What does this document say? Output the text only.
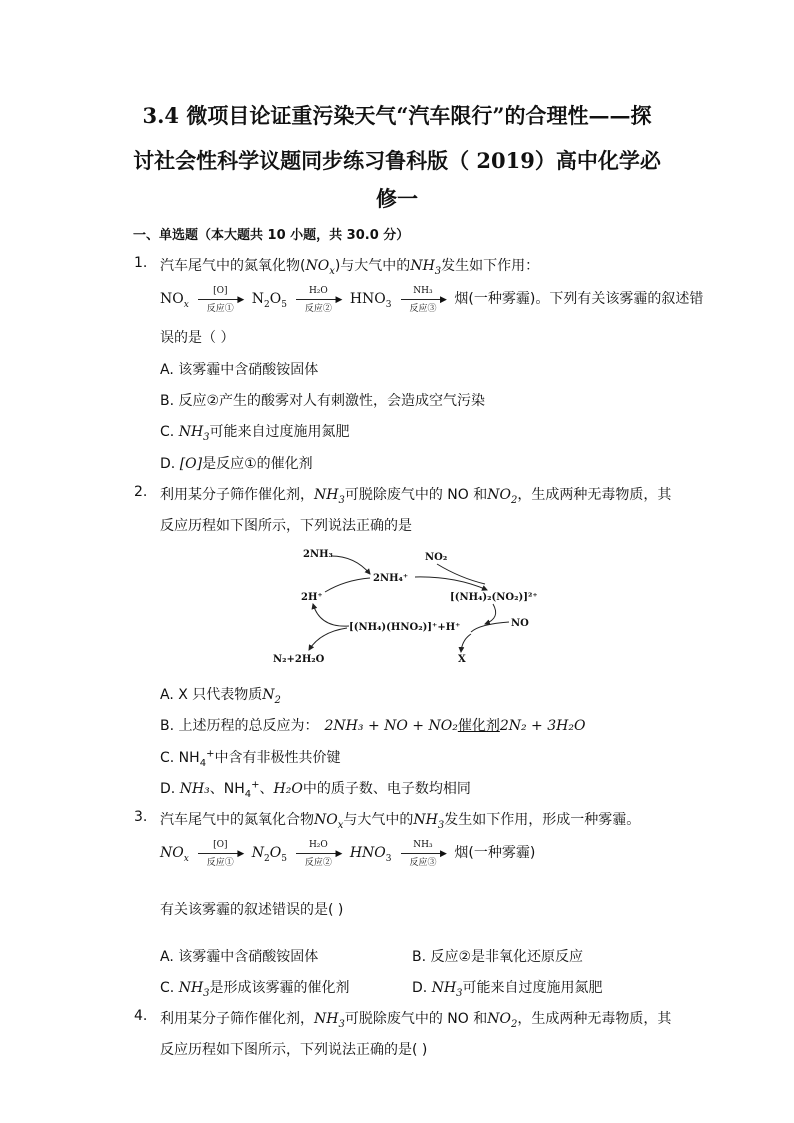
3.4 微项目论证重污染天气“汽车限行”的合理性——探
讨社会性科学议题同步练习鲁科版（ 2019）高中化学必
修一
一、单选题（本大题共 10 小题，共 30.0 分）
1. 汽车尾气中的氮氧化物$(NO_x)$与大气中的$NH_3$发生如下作用：
$NO_x$
[O]
▶
反应①
$N_2O_5$
H₂O
▶
反应②
$HNO_3$
NH₃
▶
反应③
烟(一种雾霾)。下列有关该雾霾的叙述错
误的是（ ）
A. 该雾霾中含硝酸铵固体
B. 反应②产生的酸雾对人有刺激性，会造成空气污染
C. $NH_3$可能来自过度施用氮肥
D. [O]是反应①的催化剂
2. 利用某分子筛作催化剂，$NH_3$可脱除废气中的 NO 和$NO_2$，生成两种无毒物质，其
反应历程如下图所示，下列说法正确的是
2NH₃
2NH₄⁺
NO₂
2H⁺	[(NH₄)₂(NO₂)]²⁺
[(NH₄)(HNO₂)]⁺+H⁺	NO
N₂+2H₂O	X
A. X 只代表物质$N_2$
B. 上述历程的总反应为： 2NH₃ + NO + NO₂催化剂2N₂ + 3H₂O
C. $NH_4^+$中含有非极性共价键
D. NH₃、$NH_4^+$、H₂O中的质子数、电子数均相同
3. 汽车尾气中的氮氧化合物$NO_x$与大气中的$NH_3$发生如下作用，形成一种雾霾。
$NO_x$
[O]
▶
反应①
$N_2O_5$
H₂O
▶
反应②
$HNO_3$
NH₃
▶
反应③
烟(一种雾霾)
有关该雾霾的叙述错误的是( )
A. 该雾霾中含硝酸铵固体	B. 反应②是非氧化还原反应
C. $NH_3$是形成该雾霾的催化剂	D. $NH_3$可能来自过度施用氮肥
4. 利用某分子筛作催化剂，$NH_3$可脱除废气中的 NO 和$NO_2$，生成两种无毒物质，其
反应历程如下图所示，下列说法正确的是( )
